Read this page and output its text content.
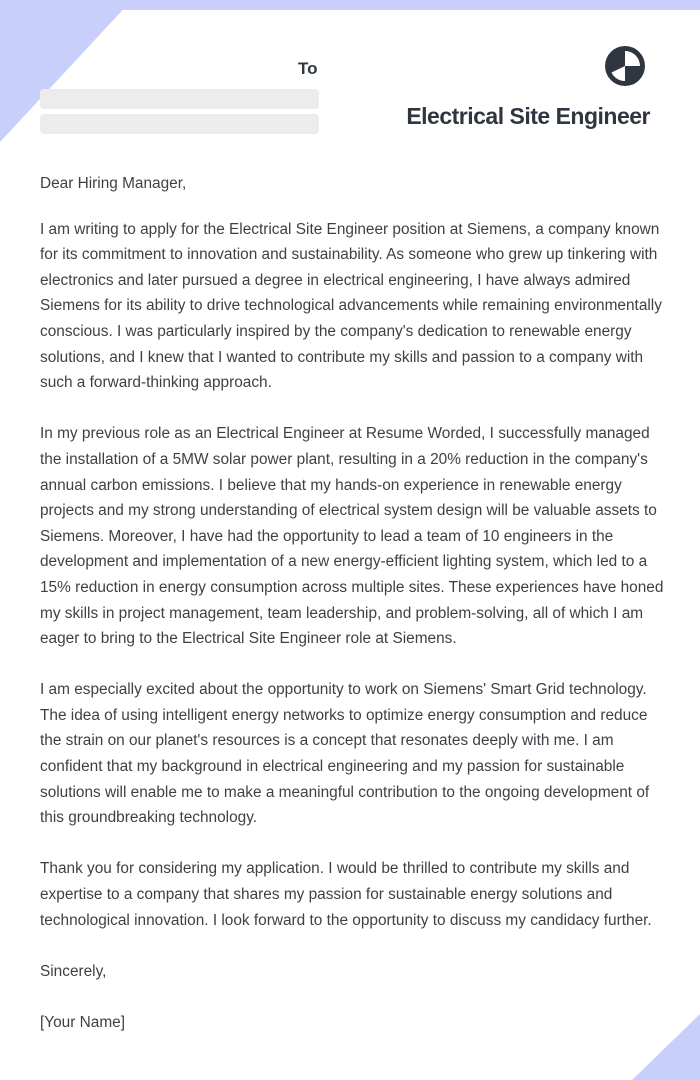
To
Electrical Site Engineer

Dear Hiring Manager,

I am writing to apply for the Electrical Site Engineer position at Siemens, a company known for its commitment to innovation and sustainability. As someone who grew up tinkering with electronics and later pursued a degree in electrical engineering, I have always admired Siemens for its ability to drive technological advancements while remaining environmentally conscious. I was particularly inspired by the company's dedication to renewable energy solutions, and I knew that I wanted to contribute my skills and passion to a company with such a forward-thinking approach.

In my previous role as an Electrical Engineer at Resume Worded, I successfully managed the installation of a 5MW solar power plant, resulting in a 20% reduction in the company's annual carbon emissions. I believe that my hands-on experience in renewable energy projects and my strong understanding of electrical system design will be valuable assets to Siemens. Moreover, I have had the opportunity to lead a team of 10 engineers in the development and implementation of a new energy-efficient lighting system, which led to a 15% reduction in energy consumption across multiple sites. These experiences have honed my skills in project management, team leadership, and problem-solving, all of which I am eager to bring to the Electrical Site Engineer role at Siemens.

I am especially excited about the opportunity to work on Siemens' Smart Grid technology. The idea of using intelligent energy networks to optimize energy consumption and reduce the strain on our planet's resources is a concept that resonates deeply with me. I am confident that my background in electrical engineering and my passion for sustainable solutions will enable me to make a meaningful contribution to the ongoing development of this groundbreaking technology.

Thank you for considering my application. I would be thrilled to contribute my skills and expertise to a company that shares my passion for sustainable energy solutions and technological innovation. I look forward to the opportunity to discuss my candidacy further.

Sincerely,

[Your Name]
